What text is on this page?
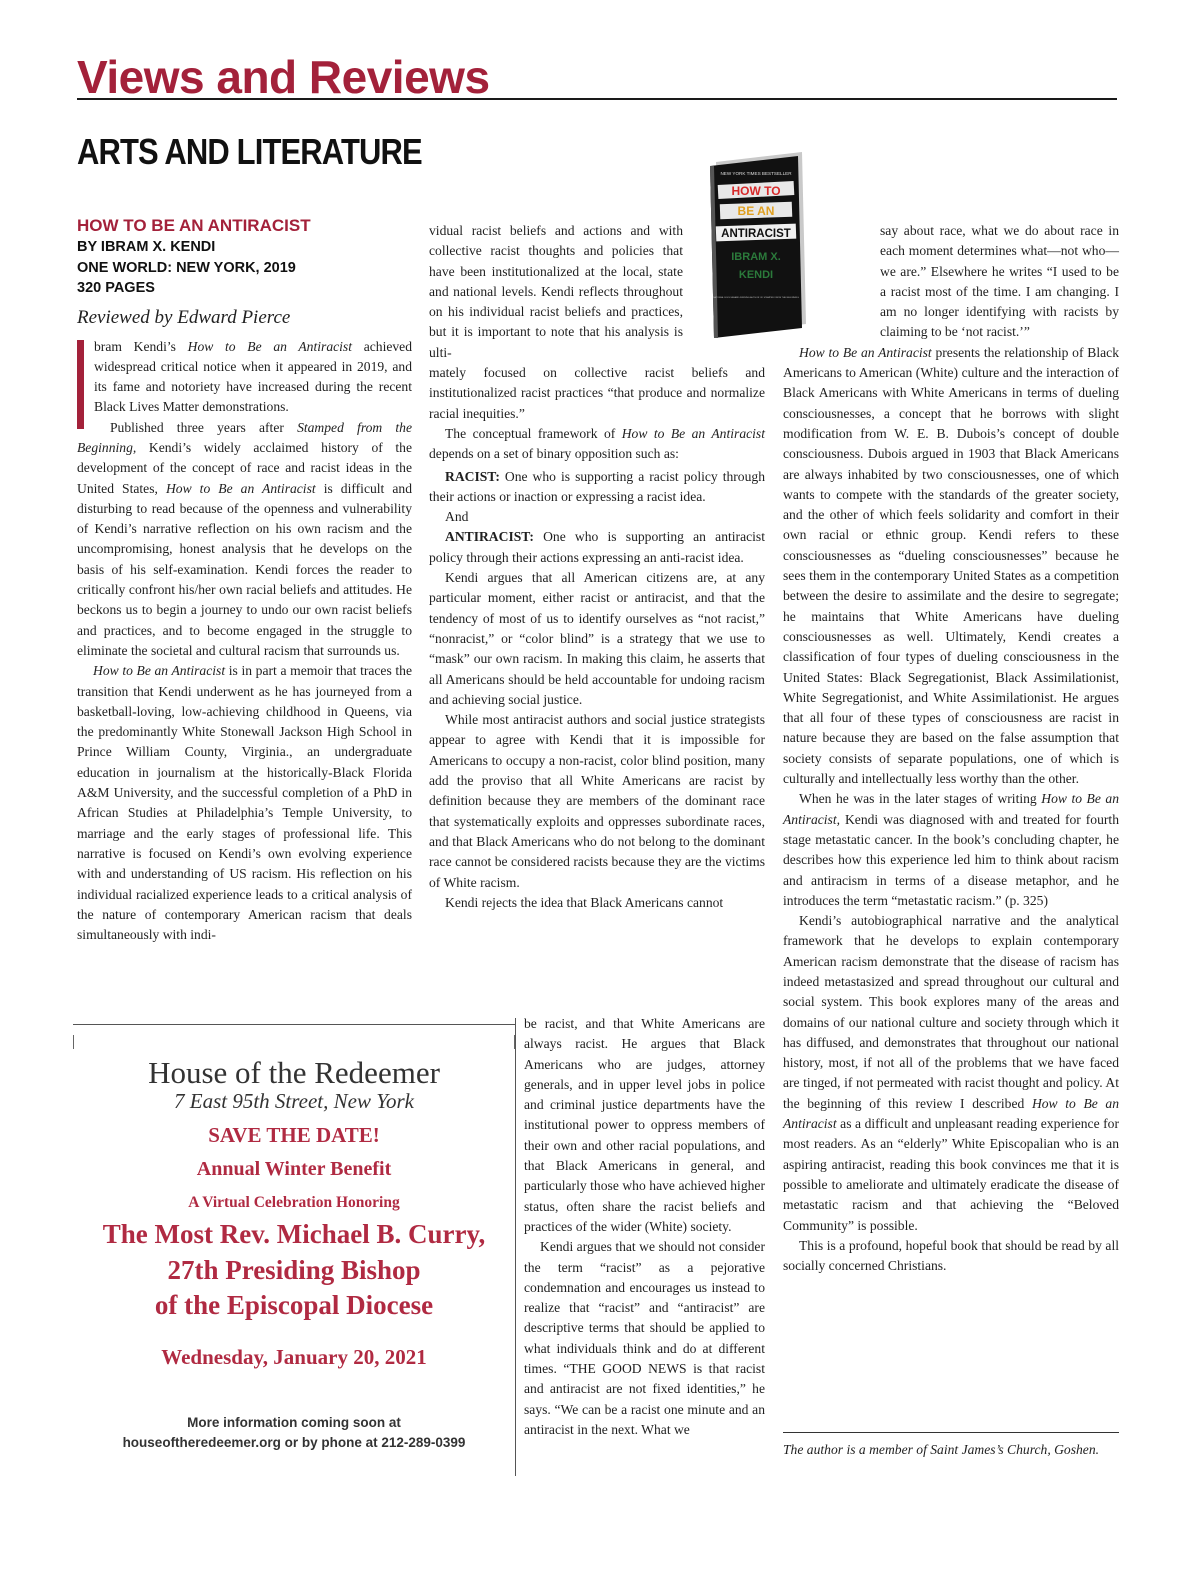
Views and Reviews
ARTS AND LITERATURE
NEW YORK TIMES BESTSELLER
HOW TO
BE AN
ANTIRACIST
IBRAM X.
KENDI
NATIONAL BOOK AWARD-WINNING AUTHOR OF STAMPED FROM THE BEGINNING
HOW TO BE AN ANTIRACIST
BY IBRAM X. KENDI
ONE WORLD: NEW YORK, 2019
320 PAGES
Reviewed by Edward Pierce

bram Kendi’s How to Be an Antiracist achieved widespread critical notice when it appeared in 2019, and its fame and notoriety have increased during the recent Black Lives Matter demonstrations.

Published three years after Stamped from the Beginning, Kendi’s widely acclaimed history of the development of the concept of race and racist ideas in the United States, How to Be an Antiracist is difficult and disturbing to read because of the openness and vulnerability of Kendi’s narrative reflection on his own racism and the uncompromising, honest analysis that he develops on the basis of his self-examination. Kendi forces the reader to critically confront his/her own racial beliefs and attitudes. He beckons us to begin a journey to undo our own racist beliefs and practices, and to become engaged in the struggle to eliminate the societal and cultural racism that surrounds us.

How to Be an Antiracist is in part a memoir that traces the transition that Kendi underwent as he has journeyed from a basketball-loving, low-achieving childhood in Queens, via the predominantly White Stonewall Jackson High School in Prince William County, Virginia., an undergraduate education in journalism at the historically-Black Florida A&M University, and the successful completion of a PhD in African Studies at Philadelphia’s Temple University, to marriage and the early stages of professional life. This narrative is focused on Kendi’s own evolving experience with and understanding of US racism. His reflection on his individual racialized experience leads to a critical analysis of the nature of contemporary American racism that deals simultaneously with indi-

vidual racist beliefs and actions and with collective racist thoughts and policies that have been institutionalized at the local, state and national levels. Kendi reflects throughout on his individual racist beliefs and practices, but it is important to note that his analysis is ulti-

mately focused on collective racist beliefs and institutionalized racist practices “that produce and normalize racial inequities.”

The conceptual framework of How to Be an Antiracist depends on a set of binary opposition such as:

RACIST: One who is supporting a racist policy through their actions or inaction or expressing a racist idea.

And

ANTIRACIST: One who is supporting an antiracist policy through their actions expressing an anti-racist idea.

Kendi argues that all American citizens are, at any particular moment, either racist or antiracist, and that the tendency of most of us to identify ourselves as “not racist,” “nonracist,” or “color blind” is a strategy that we use to “mask” our own racism. In making this claim, he asserts that all Americans should be held accountable for undoing racism and achieving social justice.

While most antiracist authors and social justice strategists appear to agree with Kendi that it is impossible for Americans to occupy a non-racist, color blind position, many add the proviso that all White Americans are racist by definition because they are members of the dominant race that systematically exploits and oppresses subordinate races, and that Black Americans who do not belong to the dominant race cannot be considered racists because they are the victims of White racism.

Kendi rejects the idea that Black Americans cannot

be racist, and that White Americans are always racist. He argues that Black Americans who are judges, attorney generals, and in upper level jobs in police and criminal justice departments have the institutional power to oppress members of their own and other racial populations, and that Black Americans in general, and particularly those who have achieved higher status, often share the racist beliefs and practices of the wider (White) society.

Kendi argues that we should not consider the term “racist” as a pejorative condemnation and encourages us instead to realize that “racist” and “antiracist” are descriptive terms that should be applied to what individuals think and do at different times. “THE GOOD NEWS is that racist and antiracist are not fixed identities,” he says. “We can be a racist one minute and an antiracist in the next. What we

say about race, what we do about race in each moment determines what—not who—we are.” Elsewhere he writes “I used to be a racist most of the time. I am changing. I am no longer identifying with racists by claiming to be ‘not racist.’”

How to Be an Antiracist presents the relationship of Black Americans to American (White) culture and the interaction of Black Americans with White Americans in terms of dueling consciousnesses, a concept that he borrows with slight modification from W. E. B. Dubois’s concept of double consciousness. Dubois argued in 1903 that Black Americans are always inhabited by two consciousnesses, one of which wants to compete with the standards of the greater society, and the other of which feels solidarity and comfort in their own racial or ethnic group. Kendi refers to these consciousnesses as “dueling consciousnesses” because he sees them in the contemporary United States as a competition between the desire to assimilate and the desire to segregate; he maintains that White Americans have dueling consciousnesses as well. Ultimately, Kendi creates a classification of four types of dueling consciousness in the United States: Black Segregationist, Black Assimilationist, White Segregationist, and White Assimilationist. He argues that all four of these types of consciousness are racist in nature because they are based on the false assumption that society consists of separate populations, one of which is culturally and intellectually less worthy than the other.

When he was in the later stages of writing How to Be an Antiracist, Kendi was diagnosed with and treated for fourth stage metastatic cancer. In the book’s concluding chapter, he describes how this experience led him to think about racism and antiracism in terms of a disease metaphor, and he introduces the term “metastatic racism.” (p. 325)

Kendi’s autobiographical narrative and the analytical framework that he develops to explain contemporary American racism demonstrate that the disease of racism has indeed metastasized and spread throughout our cultural and social system. This book explores many of the areas and domains of our national culture and society through which it has diffused, and demonstrates that throughout our national history, most, if not all of the problems that we have faced are tinged, if not permeated with racist thought and policy. At the beginning of this review I described How to Be an Antiracist as a difficult and unpleasant reading experience for most readers. As an “elderly” White Episcopalian who is an aspiring antiracist, reading this book convinces me that it is possible to ameliorate and ultimately eradicate the disease of metastatic racism and that achieving the “Beloved Community” is possible.

This is a profound, hopeful book that should be read by all socially concerned Christians.

The author is a member of Saint James’s Church, Goshen.
House of the Redeemer
7 East 95th Street, New York
SAVE THE DATE!
Annual Winter Benefit
A Virtual Celebration Honoring
The Most Rev. Michael B. Curry,
27th Presiding Bishop
of the Episcopal Diocese
Wednesday, January 20, 2021
More information coming soon at
houseoftheredeemer.org or by phone at 212-289-0399
